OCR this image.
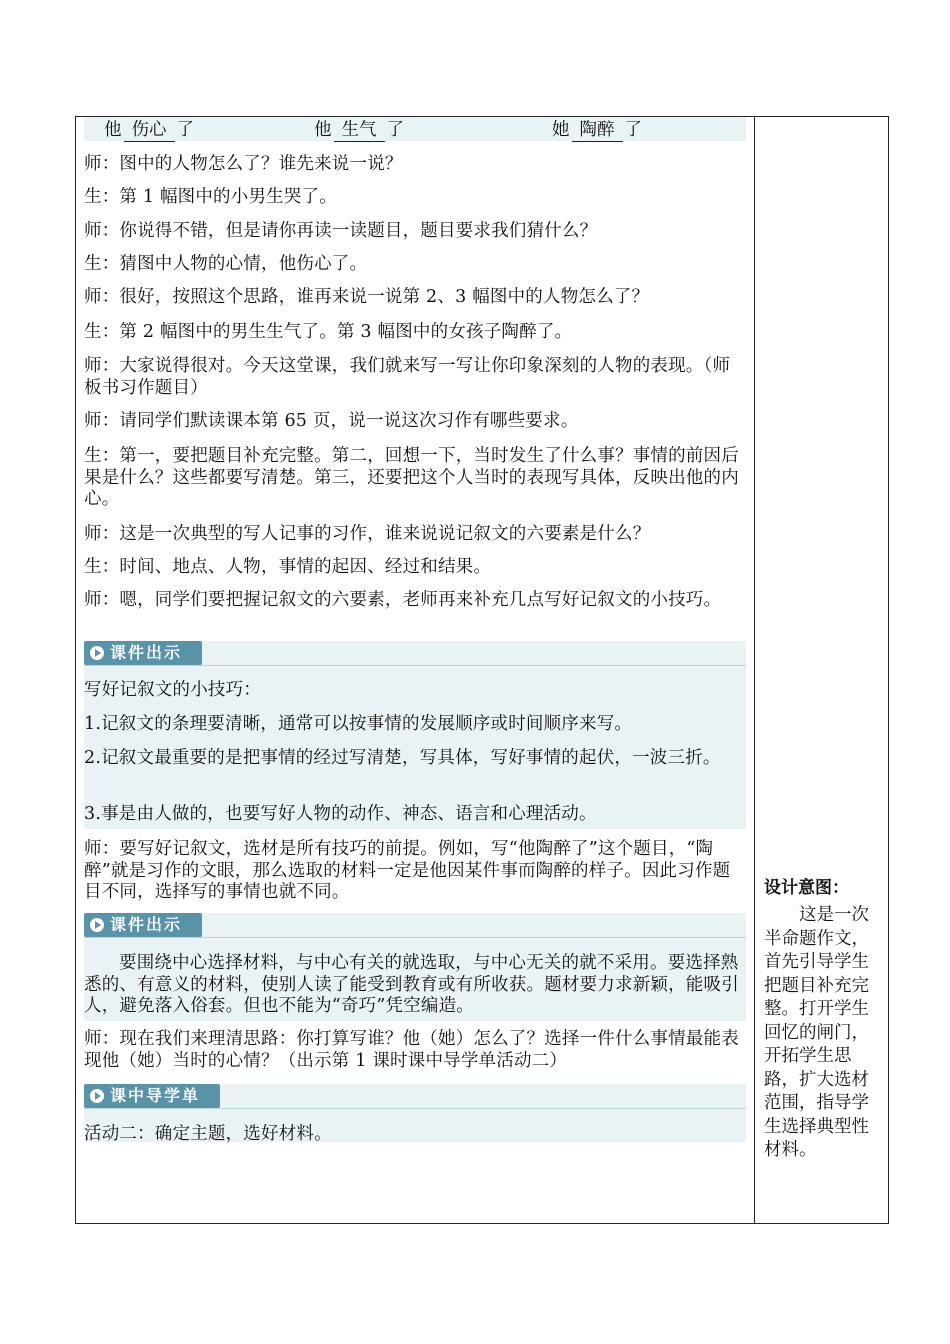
他 伤心 了	他 生气 了	她 陶醉 了
师：图中的人物怎么了？谁先来说一说？
生：第 1 幅图中的小男生哭了。
师：你说得不错，但是请你再读一读题目，题目要求我们猜什么？
生：猜图中人物的心情，他伤心了。
师：很好，按照这个思路，谁再来说一说第 2、3 幅图中的人物怎么了？
生：第 2 幅图中的男生生气了。第 3 幅图中的女孩子陶醉了。
师：大家说得很对。今天这堂课，我们就来写一写让你印象深刻的人物的表现。（师板书习作题目）
师：请同学们默读课本第 65 页，说一说这次习作有哪些要求。
生：第一，要把题目补充完整。第二，回想一下，当时发生了什么事？事情的前因后果是什么？这些都要写清楚。第三，还要把这个人当时的表现写具体，反映出他的内心。
师：这是一次典型的写人记事的习作，谁来说说记叙文的六要素是什么？
生：时间、地点、人物，事情的起因、经过和结果。
师：嗯，同学们要把握记叙文的六要素，老师再来补充几点写好记叙文的小技巧。
课件出示
写好记叙文的小技巧：
1.记叙文的条理要清晰，通常可以按事情的发展顺序或时间顺序来写。
2.记叙文最重要的是把事情的经过写清楚，写具体，写好事情的起伏，一波三折。
3.事是由人做的，也要写好人物的动作、神态、语言和心理活动。
师：要写好记叙文，选材是所有技巧的前提。例如，写“他陶醉了”这个题目，“陶醉”就是习作的文眼，那么选取的材料一定是他因某件事而陶醉的样子。因此习作题目不同，选择写的事情也就不同。
课件出示
要围绕中心选择材料，与中心有关的就选取，与中心无关的就不采用。要选择熟悉的、有意义的材料，使别人读了能受到教育或有所收获。题材要力求新颖，能吸引人，避免落入俗套。但也不能为“奇巧”凭空编造。
师：现在我们来理清思路：你打算写谁？他（她）怎么了？选择一件什么事情最能表现他（她）当时的心情？（出示第 1 课时课中导学单活动二）
课中导学单
活动二：确定主题，选好材料。
设计意图：
这是一次半命题作文，首先引导学生把题目补充完整。打开学生回忆的闸门，开拓学生思路，扩大选材范围，指导学生选择典型性材料。
